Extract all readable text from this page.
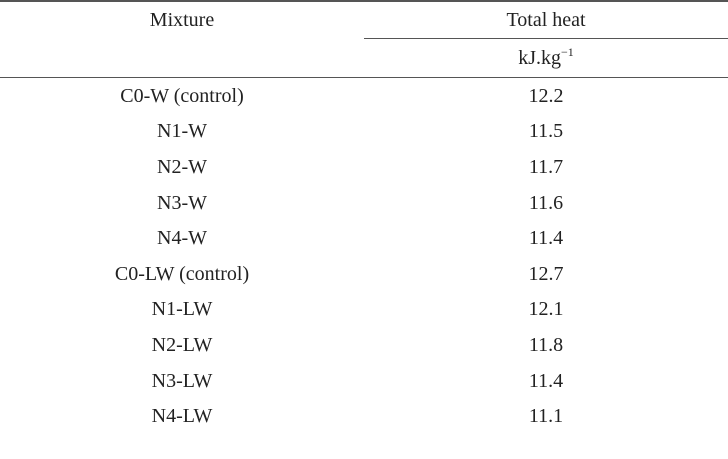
Mixture	Total heat
	$kJ.kg^{-1}$
C0-W (control)	12.2
N1-W	11.5
N2-W	11.7
N3-W	11.6
N4-W	11.4
C0-LW (control)	12.7
N1-LW	12.1
N2-LW	11.8
N3-LW	11.4
N4-LW	11.1
